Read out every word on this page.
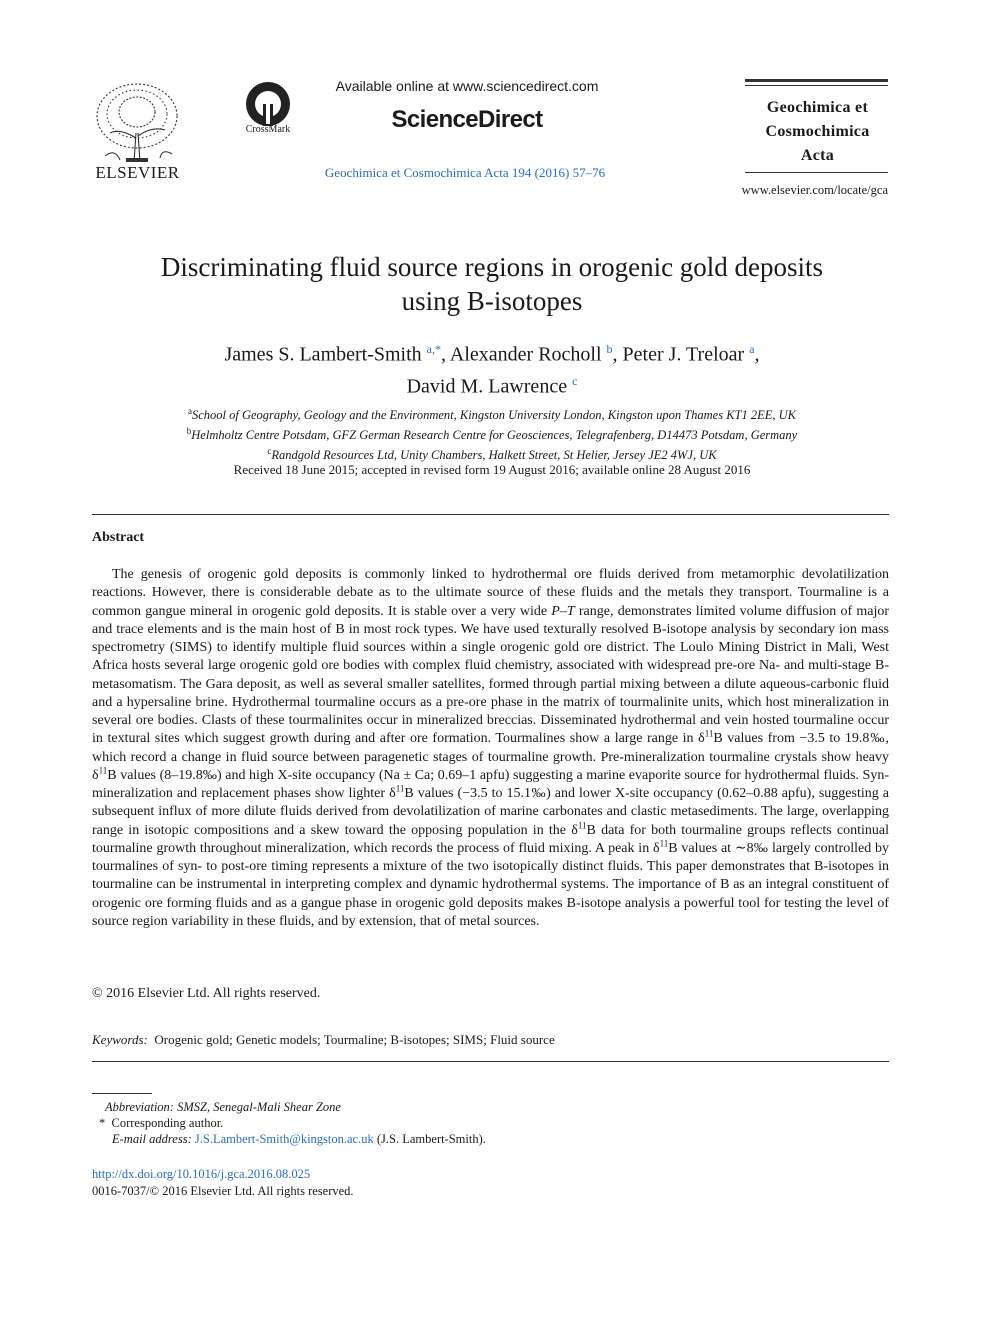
ELSEVIER
CrossMark
Available online at www.sciencedirect.com
ScienceDirect
Geochimica et Cosmochimica Acta 194 (2016) 57–76
Geochimica et
Cosmochimica
Acta
www.elsevier.com/locate/gca
Discriminating fluid source regions in orogenic gold deposits
using B-isotopes
James S. Lambert-Smith $^{a,*}$, Alexander Rocholl $^b$, Peter J. Treloar $^a$,
David M. Lawrence $^c$
$^a$School of Geography, Geology and the Environment, Kingston University London, Kingston upon Thames KT1 2EE, UK
$^b$Helmholtz Centre Potsdam, GFZ German Research Centre for Geosciences, Telegrafenberg, D14473 Potsdam, Germany
$^c$Randgold Resources Ltd, Unity Chambers, Halkett Street, St Helier, Jersey JE2 4WJ, UK
Received 18 June 2015; accepted in revised form 19 August 2016; available online 28 August 2016
Abstract
The genesis of orogenic gold deposits is commonly linked to hydrothermal ore fluids derived from metamorphic devolatilization reactions. However, there is considerable debate as to the ultimate source of these fluids and the metals they transport. Tourmaline is a common gangue mineral in orogenic gold deposits. It is stable over a very wide P–T range, demonstrates limited volume diffusion of major and trace elements and is the main host of B in most rock types. We have used texturally resolved B-isotope analysis by secondary ion mass spectrometry (SIMS) to identify multiple fluid sources within a single orogenic gold ore district. The Loulo Mining District in Mali, West Africa hosts several large orogenic gold ore bodies with complex fluid chemistry, associated with widespread pre-ore Na- and multi-stage B-metasomatism. The Gara deposit, as well as several smaller satellites, formed through partial mixing between a dilute aqueous-carbonic fluid and a hypersaline brine. Hydrothermal tourmaline occurs as a pre-ore phase in the matrix of tourmalinite units, which host mineralization in several ore bodies. Clasts of these tourmalinites occur in mineralized breccias. Disseminated hydrothermal and vein hosted tourmaline occur in textural sites which suggest growth during and after ore formation. Tourmalines show a large range in $\delta^{11}B$ values from −3.5 to 19.8‰, which record a change in fluid source between paragenetic stages of tourmaline growth. Pre-mineralization tourmaline crystals show heavy $\delta^{11}B$ values (8–19.8‰) and high X-site occupancy (Na ± Ca; 0.69–1 apfu) suggesting a marine evaporite source for hydrothermal fluids. Syn-mineralization and replacement phases show lighter $\delta^{11}B$ values (−3.5 to 15.1‰) and lower X-site occupancy (0.62–0.88 apfu), suggesting a subsequent influx of more dilute fluids derived from devolatilization of marine carbonates and clastic metasediments. The large, overlapping range in isotopic compositions and a skew toward the opposing population in the $\delta^{11}B$ data for both tourmaline groups reflects continual tourmaline growth throughout mineralization, which records the process of fluid mixing. A peak in $\delta^{11}B$ values at ∼8‰ largely controlled by tourmalines of syn- to post-ore timing represents a mixture of the two isotopically distinct fluids. This paper demonstrates that B-isotopes in tourmaline can be instrumental in interpreting complex and dynamic hydrothermal systems. The importance of B as an integral constituent of orogenic ore forming fluids and as a gangue phase in orogenic gold deposits makes B-isotope analysis a powerful tool for testing the level of source region variability in these fluids, and by extension, that of metal sources.
© 2016 Elsevier Ltd. All rights reserved.
Keywords: Orogenic gold; Genetic models; Tourmaline; B-isotopes; SIMS; Fluid source
Abbreviation: SMSZ, Senegal-Mali Shear Zone
* Corresponding author.
E-mail address: J.S.Lambert-Smith@kingston.ac.uk (J.S. Lambert-Smith).
http://dx.doi.org/10.1016/j.gca.2016.08.025
0016-7037/© 2016 Elsevier Ltd. All rights reserved.
